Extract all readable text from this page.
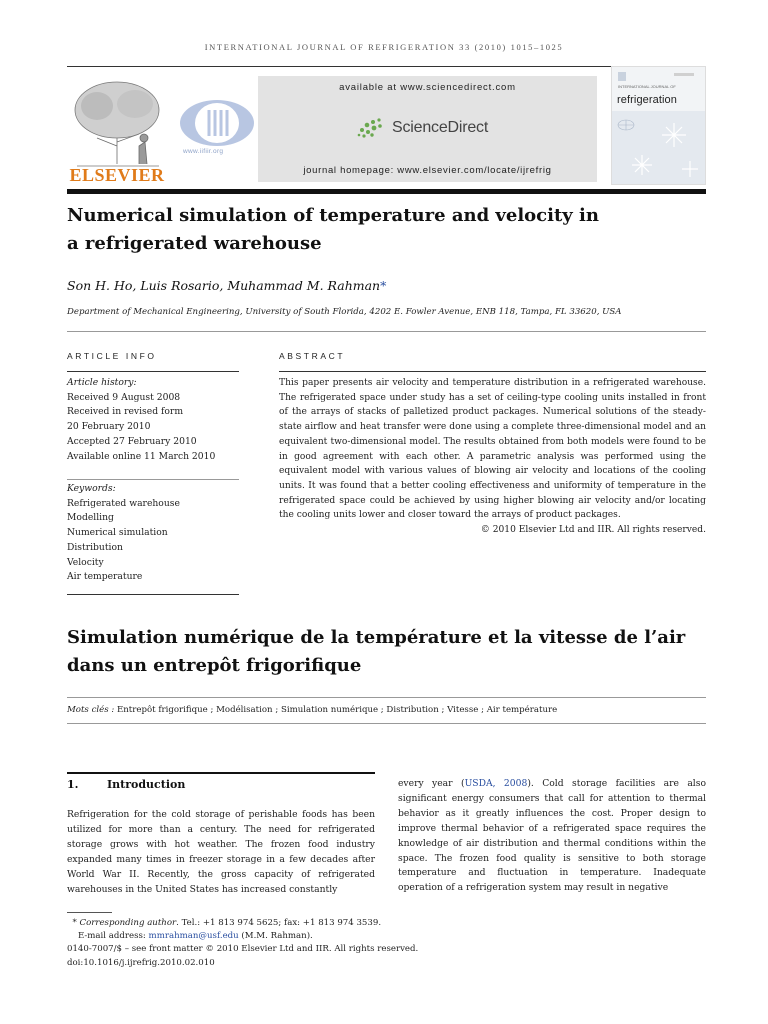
INTERNATIONAL JOURNAL OF REFRIGERATION 33 (2010) 1015–1025
ELSEVIER
www.iifiir.org
available at www.sciencedirect.com
ScienceDirect
journal homepage: www.elsevier.com/locate/ijrefrig
INTERNATIONAL JOURNAL OF
refrigeration
Numerical simulation of temperature and velocity in
a refrigerated warehouse
Son H. Ho, Luis Rosario, Muhammad M. Rahman*
Department of Mechanical Engineering, University of South Florida, 4202 E. Fowler Avenue, ENB 118, Tampa, FL 33620, USA
ARTICLE INFO
Article history:
Received 9 August 2008
Received in revised form
20 February 2010
Accepted 27 February 2010
Available online 11 March 2010
Keywords:
Refrigerated warehouse
Modelling
Numerical simulation
Distribution
Velocity
Air temperature
ABSTRACT
This paper presents air velocity and temperature distribution in a refrigerated warehouse. The refrigerated space under study has a set of ceiling-type cooling units installed in front of the arrays of stacks of palletized product packages. Numerical solutions of the steady-state airflow and heat transfer were done using a complete three-dimensional model and an equivalent two-dimensional model. The results obtained from both models were found to be in good agreement with each other. A parametric analysis was performed using the equivalent model with various values of blowing air velocity and locations of the cooling units. It was found that a better cooling effectiveness and uniformity of temperature in the refrigerated space could be achieved by using higher blowing air velocity and/or locating the cooling units lower and closer toward the arrays of product packages.
© 2010 Elsevier Ltd and IIR. All rights reserved.
Simulation numérique de la température et la vitesse de l’air
dans un entrepôt frigorifique
Mots clés : Entrepôt frigorifique ; Modélisation ; Simulation numérique ; Distribution ; Vitesse ; Air température
1.	Introduction
Refrigeration for the cold storage of perishable foods has been utilized for more than a century. The need for refrigerated storage grows with hot weather. The frozen food industry expanded many times in freezer storage in a few decades after World War II. Recently, the gross capacity of refrigerated warehouses in the United States has increased constantly
every year (USDA, 2008). Cold storage facilities are also significant energy consumers that call for attention to thermal behavior as it greatly influences the cost. Proper design to improve thermal behavior of a refrigerated space requires the knowledge of air distribution and thermal conditions within the space. The frozen food quality is sensitive to both storage temperature and fluctuation in temperature. Inadequate operation of a refrigeration system may result in negative
* Corresponding author. Tel.: +1 813 974 5625; fax: +1 813 974 3539.
E-mail address: mmrahman@usf.edu (M.M. Rahman).
0140-7007/$ – see front matter © 2010 Elsevier Ltd and IIR. All rights reserved.
doi:10.1016/j.ijrefrig.2010.02.010
